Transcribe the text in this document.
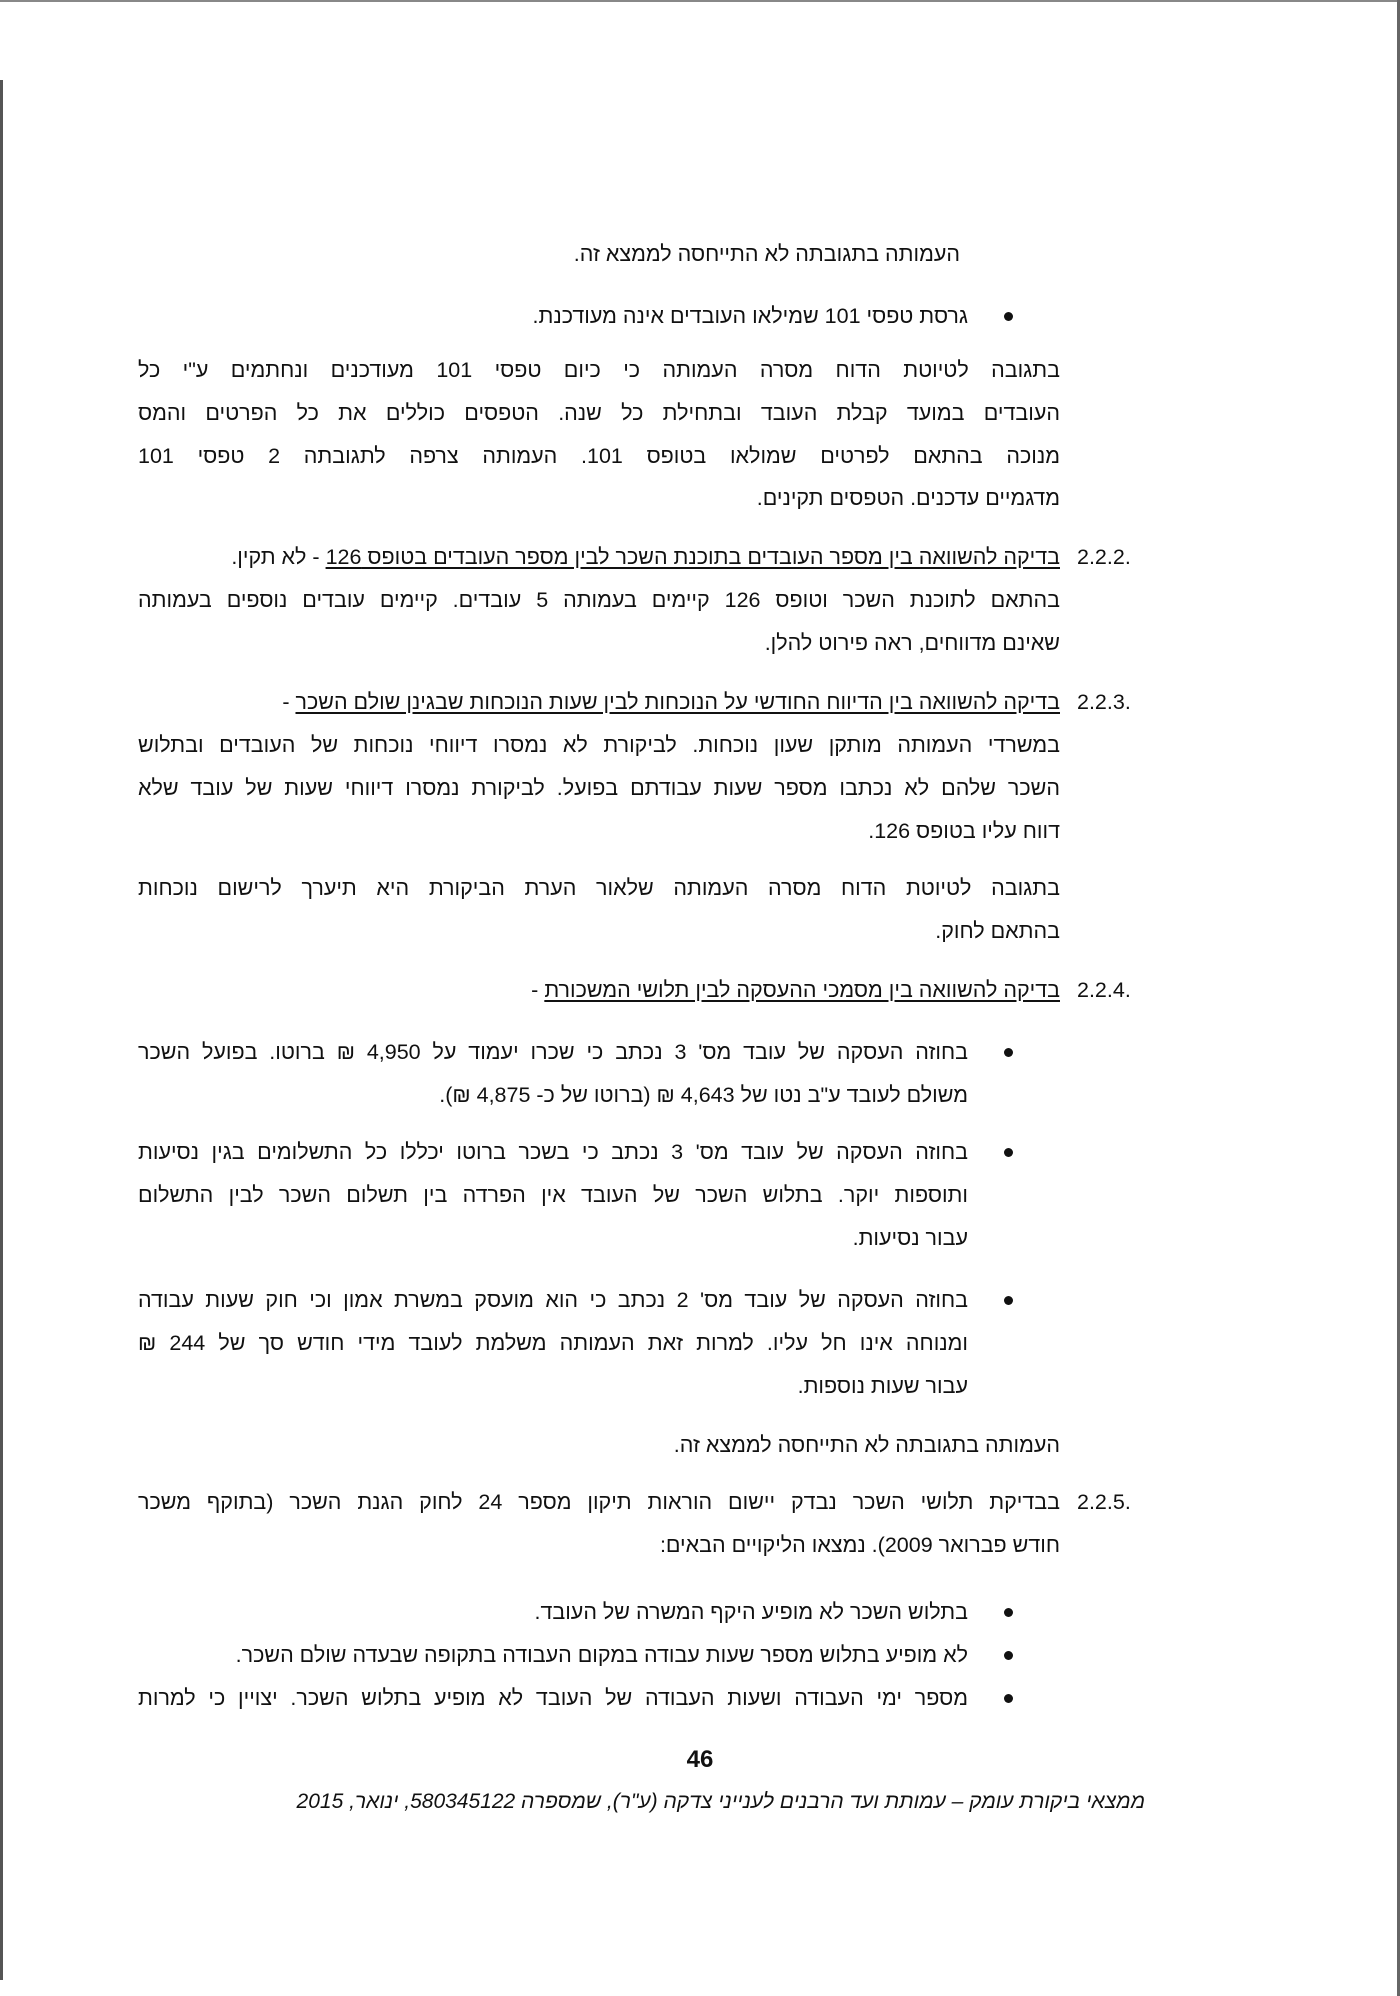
העמותה בתגובתה לא התייחסה לממצא זה.
גרסת טפסי 101 שמילאו העובדים אינה מעודכנת.
בתגובה לטיוטת הדוח מסרה העמותה כי כיום טפסי 101 מעודכנים ונחתמים ע"י כל
העובדים במועד קבלת העובד ובתחילת כל שנה. הטפסים כוללים את כל הפרטים והמס
מנוכה בהתאם לפרטים שמולאו בטופס 101. העמותה צרפה לתגובתה 2 טפסי 101
מדגמיים עדכנים. הטפסים תקינים.
2.2.2.
בדיקה להשוואה בין מספר העובדים בתוכנת השכר לבין מספר העובדים בטופס 126 - לא תקין.
בהתאם לתוכנת השכר וטופס 126 קיימים בעמותה 5 עובדים. קיימים עובדים נוספים בעמותה
שאינם מדווחים, ראה פירוט להלן.
2.2.3.
בדיקה להשוואה בין הדיווח החודשי על הנוכחות לבין שעות הנוכחות שבגינן שולם השכר -
במשרדי העמותה מותקן שעון נוכחות. לביקורת לא נמסרו דיווחי נוכחות של העובדים ובתלוש
השכר שלהם לא נכתבו מספר שעות עבודתם בפועל. לביקורת נמסרו דיווחי שעות של עובד שלא
דווח עליו בטופס 126.
בתגובה לטיוטת הדוח מסרה העמותה שלאור הערת הביקורת היא תיערך לרישום נוכחות
בהתאם לחוק.
2.2.4.
בדיקה להשוואה בין מסמכי ההעסקה לבין תלושי המשכורת -
בחוזה העסקה של עובד מס' 3 נכתב כי שכרו יעמוד על 4,950 ₪ ברוטו. בפועל השכר
משולם לעובד ע"ב נטו של 4,643 ₪ (ברוטו של כ- 4,875 ₪).
בחוזה העסקה של עובד מס' 3 נכתב כי בשכר ברוטו יכללו כל התשלומים בגין נסיעות
ותוספות יוקר. בתלוש השכר של העובד אין הפרדה בין תשלום השכר לבין התשלום
עבור נסיעות.
בחוזה העסקה של עובד מס' 2 נכתב כי הוא מועסק במשרת אמון וכי חוק שעות עבודה
ומנוחה אינו חל עליו. למרות זאת העמותה משלמת לעובד מידי חודש סך של 244 ₪
עבור שעות נוספות.
העמותה בתגובתה לא התייחסה לממצא זה.
2.2.5.
בבדיקת תלושי השכר נבדק יישום הוראות תיקון מספר 24 לחוק הגנת השכר (בתוקף משכר
חודש פברואר 2009). נמצאו הליקויים הבאים:
בתלוש השכר לא מופיע היקף המשרה של העובד.
לא מופיע בתלוש מספר שעות עבודה במקום העבודה בתקופה שבעדה שולם השכר.
מספר ימי העבודה ושעות העבודה של העובד לא מופיע בתלוש השכר. יצויין כי למרות
46
ממצאי ביקורת עומק – עמותת ועד הרבנים לענייני צדקה (ע"ר), שמספרה 580345122, ינואר, 2015
